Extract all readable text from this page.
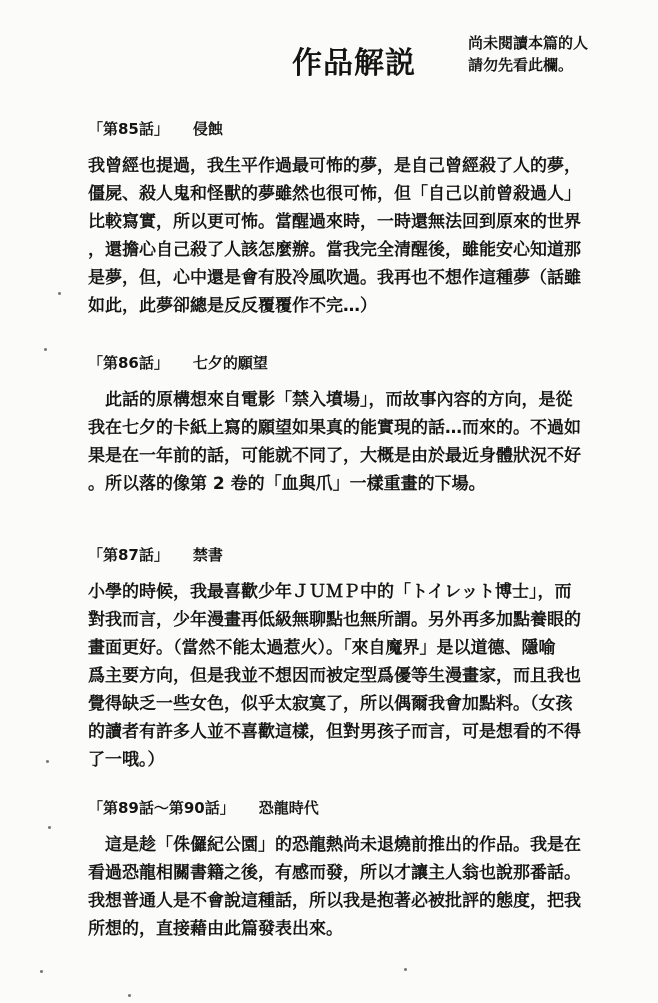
作品解説
尚未閱讀本篇的人
請勿先看此欄。
「第85話」 侵蝕
我曾經也提過，我生平作過最可怖的夢，是自己曾經殺了人的夢，
僵屍、殺人鬼和怪獸的夢雖然也很可怖，但「自己以前曾殺過人」
比較寫實，所以更可怖。當醒過來時，一時還無法回到原來的世界
，還擔心自己殺了人該怎麼辦。當我完全清醒後，雖能安心知道那
是夢，但，心中還是會有股冷風吹過。我再也不想作這種夢（話雖
如此，此夢卻總是反反覆覆作不完…）
「第86話」 七夕的願望
　此話的原構想來自電影「禁入墳場」，而故事內容的方向，是從
我在七夕的卡紙上寫的願望如果真的能實現的話…而來的。不過如
果是在一年前的話，可能就不同了，大概是由於最近身體狀況不好
。所以落的像第 2 卷的「血與爪」一樣重畫的下場。
「第87話」 禁書
小學的時候，我最喜歡少年ＪＵＭＰ中的「トイレット博士」，而
對我而言，少年漫畫再低級無聊點也無所謂。另外再多加點養眼的
畫面更好。（當然不能太過惹火）。「來自魔界」是以道德、隱喻
爲主要方向，但是我並不想因而被定型爲優等生漫畫家，而且我也
覺得缺乏一些女色，似乎太寂寞了，所以偶爾我會加點料。（女孩
的讀者有許多人並不喜歡這樣，但對男孩子而言，可是想看的不得
了一哦。）
「第89話～第90話」 恐龍時代
　這是趁「侏儸紀公園」的恐龍熱尚未退燒前推出的作品。我是在
看過恐龍相關書籍之後，有感而發，所以才讓主人翁也說那番話。
我想普通人是不會說這種話，所以我是抱著必被批評的態度，把我
所想的，直接藉由此篇發表出來。
